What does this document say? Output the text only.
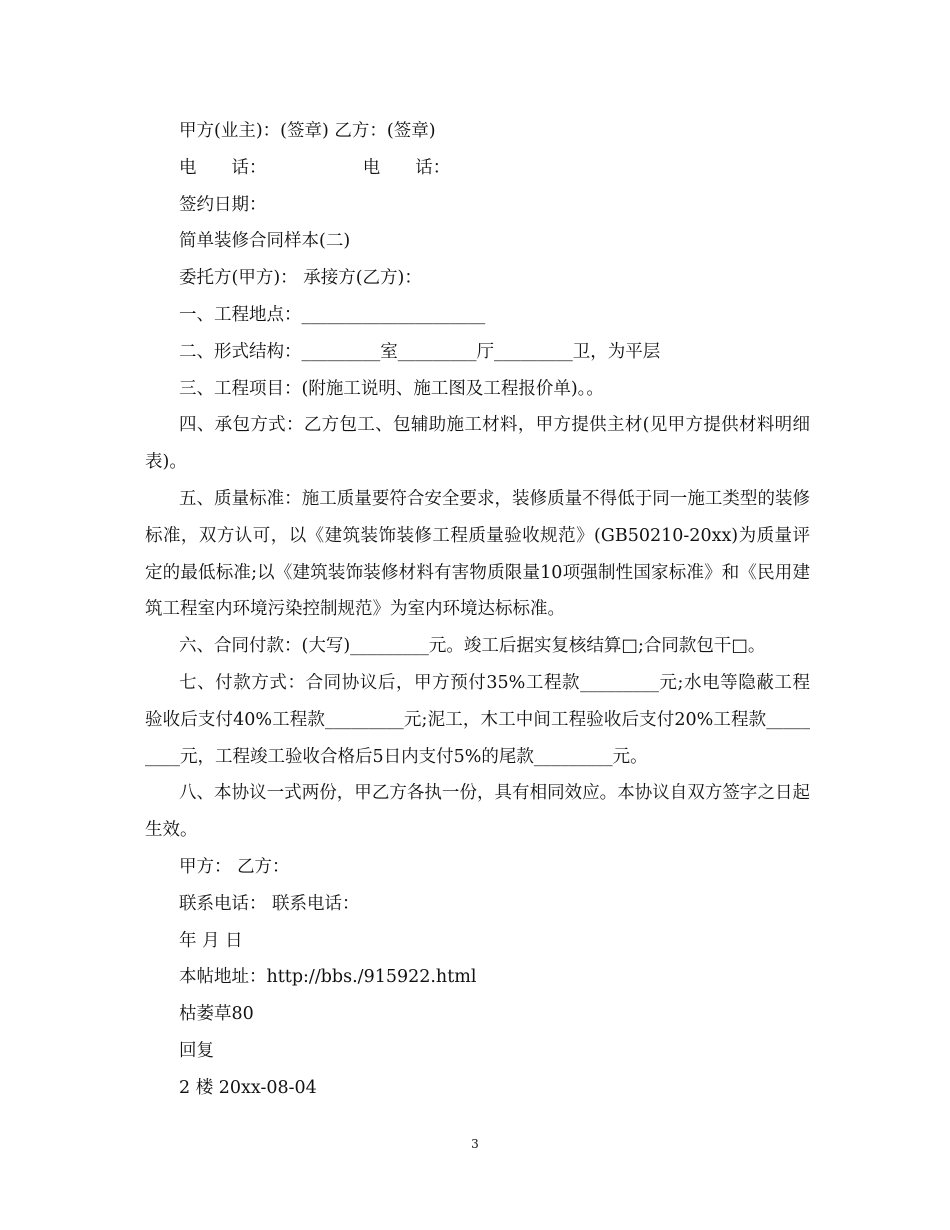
甲方(业主)：(签章) 乙方：(签章)

电　　话：　　　　　　电　　话：

签约日期：

简单装修合同样本(二)

委托方(甲方)： 承接方(乙方)：

一、工程地点：_____________________

二、形式结构：_________室_________厅_________卫，为平层

三、工程项目：(附施工说明、施工图及工程报价单)。。

四、承包方式：乙方包工、包辅助施工材料，甲方提供主材(见甲方提供材料明细表)。

五、质量标准：施工质量要符合安全要求，装修质量不得低于同一施工类型的装修标准，双方认可，以《建筑装饰装修工程质量验收规范》(GB50210-20xx)为质量评定的最低标准;以《建筑装饰装修材料有害物质限量10项强制性国家标准》和《民用建筑工程室内环境污染控制规范》为室内环境达标标准。

六、合同付款：(大写)_________元。竣工后据实复核结算□;合同款包干□。

七、付款方式：合同协议后，甲方预付35%工程款_________元;水电等隐蔽工程验收后支付40%工程款_________元;泥工，木工中间工程验收后支付20%工程款_________元，工程竣工验收合格后5日内支付5%的尾款_________元。

八、本协议一式两份，甲乙方各执一份，具有相同效应。本协议自双方签字之日起生效。

甲方： 乙方：

联系电话： 联系电话：

年 月 日

本帖地址：http://bbs./915922.html

枯萎草80

回复

2 楼 20xx-08-04

3
